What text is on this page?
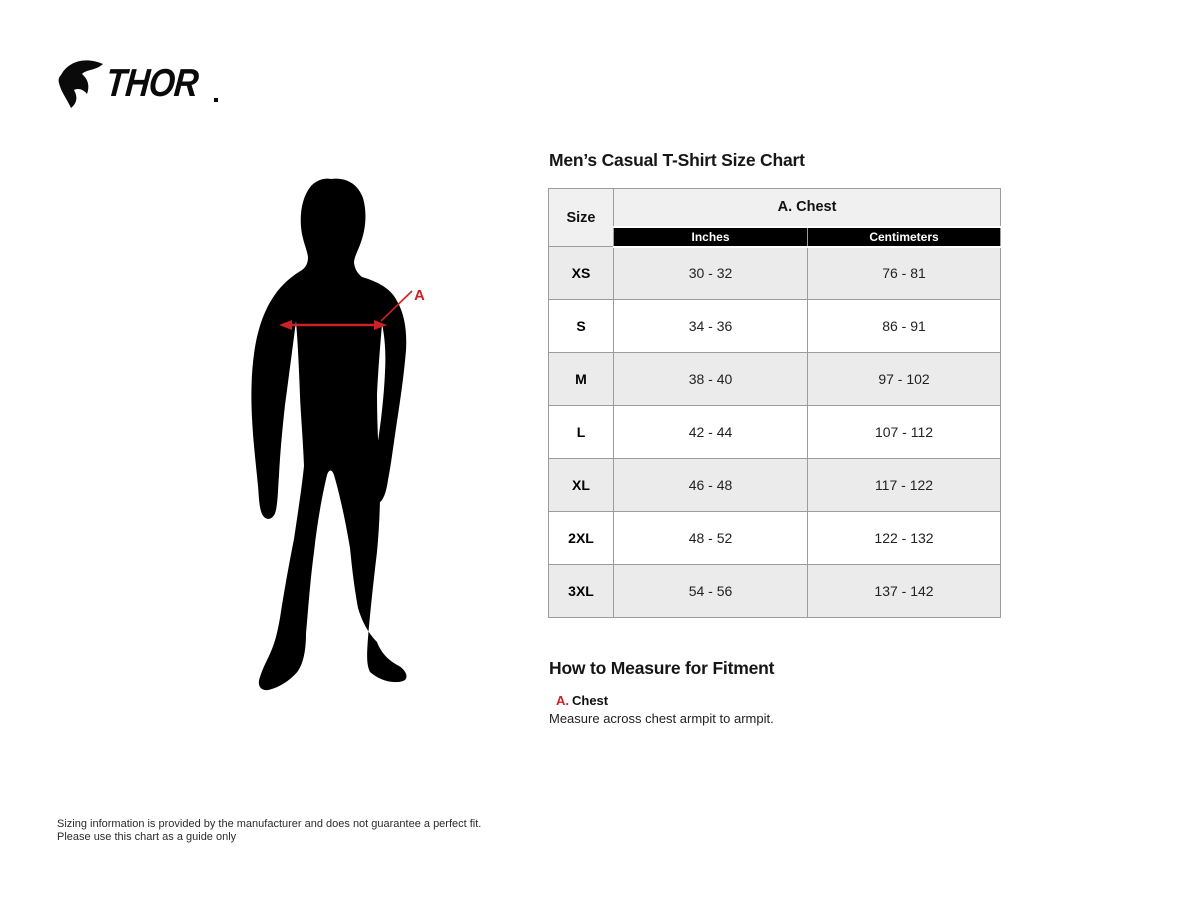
THOR
A
Men’s Casual T-Shirt Size Chart
Size	A. Chest	
	Inches	Centimeters
XS	30 - 32	76 - 81
S	34 - 36	86 - 91
M	38 - 40	97 - 102
L	42 - 44	107 - 112
XL	46 - 48	117 - 122
2XL	48 - 52	122 - 132
3XL	54 - 56	137 - 142
How to Measure for Fitment
A. Chest
Measure across chest armpit to armpit.
Sizing information is provided by the manufacturer and does not guarantee a perfect fit.
Please use this chart as a guide only
